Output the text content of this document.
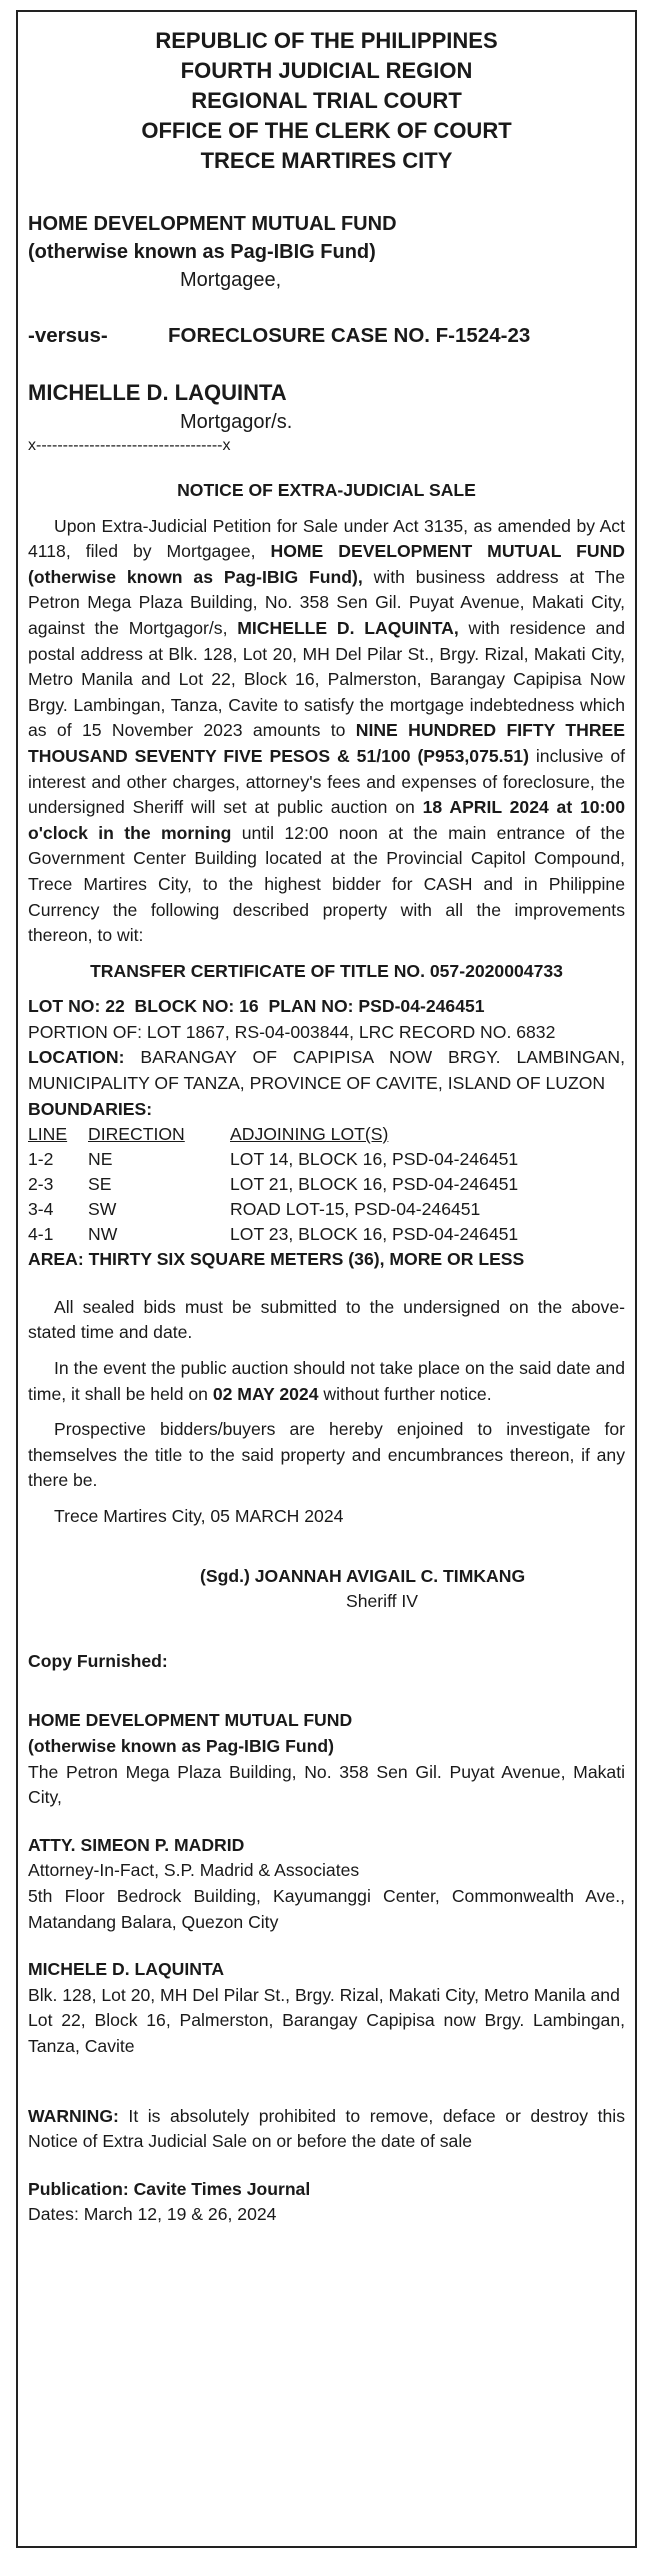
REPUBLIC OF THE PHILIPPINES
FOURTH JUDICIAL REGION
REGIONAL TRIAL COURT
OFFICE OF THE CLERK OF COURT
TRECE MARTIRES CITY
HOME DEVELOPMENT MUTUAL FUND
(otherwise known as Pag-IBIG Fund)
Mortgagee,
-versus-	FORECLOSURE CASE NO. F-1524-23
MICHELLE D. LAQUINTA
Mortgagor/s.
x-----------------------------------x
NOTICE OF EXTRA-JUDICIAL SALE

Upon Extra-Judicial Petition for Sale under Act 3135, as amended by Act 4118, filed by Mortgagee, HOME DEVELOPMENT MUTUAL FUND (otherwise known as Pag-IBIG Fund), with business address at The Petron Mega Plaza Building, No. 358 Sen Gil. Puyat Avenue, Makati City, against the Mortgagor/s, MICHELLE D. LAQUINTA, with residence and postal address at Blk. 128, Lot 20, MH Del Pilar St., Brgy. Rizal, Makati City, Metro Manila and Lot 22, Block 16, Palmerston, Barangay Capipisa Now Brgy. Lambingan, Tanza, Cavite to satisfy the mortgage indebtedness which as of 15 November 2023 amounts to NINE HUNDRED FIFTY THREE THOUSAND SEVENTY FIVE PESOS & 51/100 (P953,075.51) inclusive of interest and other charges, attorney's fees and expenses of foreclosure, the undersigned Sheriff will set at public auction on 18 APRIL 2024 at 10:00 o'clock in the morning until 12:00 noon at the main entrance of the Government Center Building located at the Provincial Capitol Compound, Trece Martires City, to the highest bidder for CASH and in Philippine Currency the following described property with all the improvements thereon, to wit:

TRANSFER CERTIFICATE OF TITLE NO. 057-2020004733
LOT NO: 22  BLOCK NO: 16  PLAN NO: PSD-04-246451
PORTION OF: LOT 1867, RS-04-003844, LRC RECORD NO. 6832
LOCATION: BARANGAY OF CAPIPISA NOW BRGY. LAMBINGAN, MUNICIPALITY OF TANZA, PROVINCE OF CAVITE, ISLAND OF LUZON
BOUNDARIES:
LINE	DIRECTION	ADJOINING LOT(S)
1-2	NE	LOT 14, BLOCK 16, PSD-04-246451
2-3	SE	LOT 21, BLOCK 16, PSD-04-246451
3-4	SW	ROAD LOT-15, PSD-04-246451
4-1	NW	LOT 23, BLOCK 16, PSD-04-246451
AREA: THIRTY SIX SQUARE METERS (36), MORE OR LESS

All sealed bids must be submitted to the undersigned on the above-stated time and date.

In the event the public auction should not take place on the said date and time, it shall be held on 02 MAY 2024 without further notice.

Prospective bidders/buyers are hereby enjoined to investigate for themselves the title to the said property and encumbrances thereon, if any there be.

Trece Martires City, 05 MARCH 2024

(Sgd.) JOANNAH AVIGAIL C. TIMKANG
Sheriff IV
Copy Furnished:
HOME DEVELOPMENT MUTUAL FUND
(otherwise known as Pag-IBIG Fund)
The Petron Mega Plaza Building, No. 358 Sen Gil. Puyat Avenue, Makati City,
ATTY. SIMEON P. MADRID
Attorney-In-Fact, S.P. Madrid & Associates
5th Floor Bedrock Building, Kayumanggi Center, Commonwealth Ave., Matandang Balara, Quezon City
MICHELE D. LAQUINTA
Blk. 128, Lot 20, MH Del Pilar St., Brgy. Rizal, Makati City, Metro Manila and
Lot 22, Block 16, Palmerston, Barangay Capipisa now Brgy. Lambingan, Tanza, Cavite
WARNING: It is absolutely prohibited to remove, deface or destroy this Notice of Extra Judicial Sale on or before the date of sale
Publication: Cavite Times Journal
Dates: March 12, 19 & 26, 2024
